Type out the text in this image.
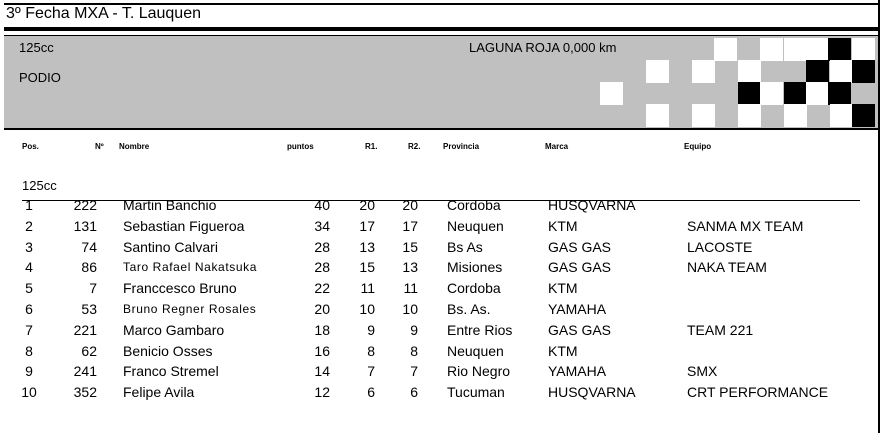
3º Fecha MXA - T. Lauquen
125cc
PODIO
LAGUNA ROJA 0,000 km
Pos.	Nº Nombre	puntos	R1.	R2.	Provincia	Marca	Equipo
125cc
1	222 Martin Banchio	40	20	20 Cordoba	HUSQVARNA
2	131 Sebastian Figueroa	34	17	17 Neuquen	KTM	SANMA MX TEAM
3	74 Santino Calvari	28	13	15 Bs As	GAS GAS	LACOSTE
4	86 Taro Rafael Nakatsuka	28	15	13 Misiones	GAS GAS	NAKA TEAM
5	7 Franccesco Bruno	22	11	11 Cordoba	KTM
6	53 Bruno Regner Rosales	20	10	10 Bs. As.	YAMAHA
7	221 Marco Gambaro	18	9	9 Entre Rios	GAS GAS	TEAM 221
8	62 Benicio Osses	16	8	8 Neuquen	KTM
9	241 Franco Stremel	14	7	7 Rio Negro	YAMAHA	SMX
10	352 Felipe Avila	12	6	6 Tucuman	HUSQVARNA	CRT PERFORMANCE
